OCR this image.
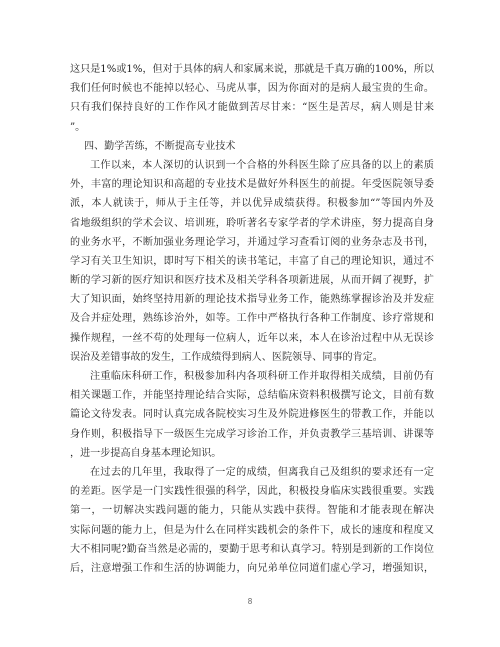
这只是1%或1%，但对于具体的病人和家属来说，那就是千真万确的100%，所以
我们任何时候也不能掉以轻心、马虎从事，因为你面对的是病人最宝贵的生命。
只有我们保持良好的工作作风才能做到苦尽甘来：“医生是苦尽，病人则是甘来
”。
四、勤学苦练，不断提高专业技术
工作以来，本人深切的认识到一个合格的外科医生除了应具备的以上的素质
外，丰富的理论知识和高超的专业技术是做好外科医生的前提。年受医院领导委
派，本人就读于，师从于主任等，并以优异成绩获得。积极参加“”等国内外及
省地级组织的学术会议、培训班，聆听著名专家学者的学术讲座，努力提高自身
的业务水平，不断加强业务理论学习，并通过学习查看订阅的业务杂志及书刊，
学习有关卫生知识，即时写下相关的读书笔记，丰富了自己的理论知识，通过不
断的学习新的医疗知识和医疗技术及相关学科各项新进展，从而开阔了视野，扩
大了知识面，始终坚持用新的理论技术指导业务工作，能熟练掌握诊治及并发症
及合并症处理，熟练诊治外，如等。工作中严格执行各种工作制度、诊疗常规和
操作规程，一丝不苟的处理每一位病人，近年以来，本人在诊治过程中从无误诊
误治及差错事故的发生，工作成绩得到病人、医院领导、同事的肯定。
注重临床科研工作，积极参加科内各项科研工作并取得相关成绩，目前仍有
相关课题工作，并能坚持理论结合实际，总结临床资料积极撰写论文，目前有数
篇论文待发表。同时认真完成各院校实习生及外院进修医生的带教工作，并能以
身作则，积极指导下一级医生完成学习诊治工作，并负责教学三基培训、讲课等
，进一步提高自身基本理论知识。
在过去的几年里，我取得了一定的成绩，但离我自己及组织的要求还有一定
的差距。医学是一门实践性很强的科学，因此，积极投身临床实践很重要。实践
第一，一切解决实践问题的能力，只能从实践中获得。智能和才能表现在解决
实际问题的能力上，但是为什么在同样实践机会的条件下，成长的速度和程度又
大不相同呢?勤奋当然是必需的，要勤于思考和认真学习。特别是到新的工作岗位
后，注意增强工作和生活的协调能力，向兄弟单位同道们虚心学习，增强知识，
8
